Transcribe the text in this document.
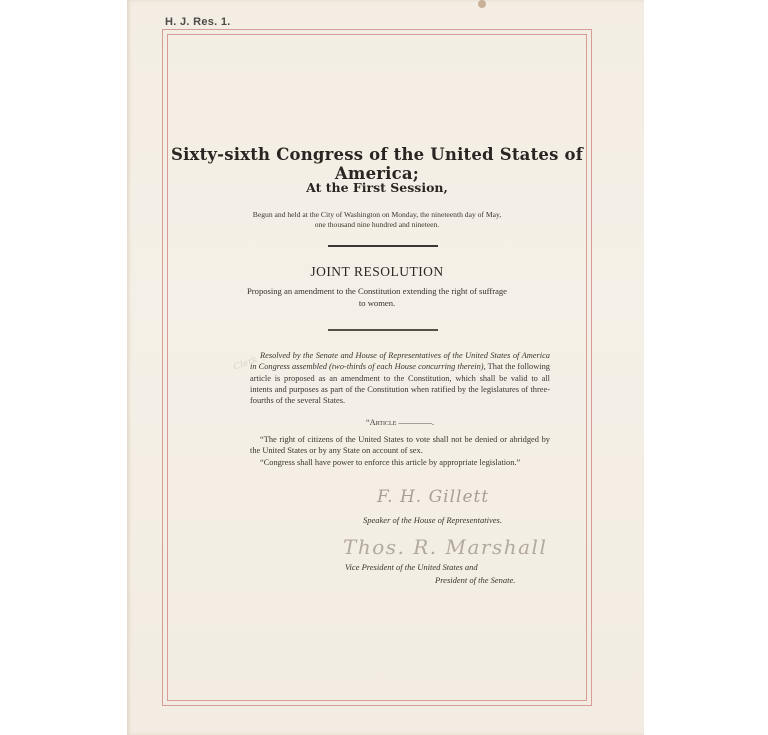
H. J. Res. 1.
Sixty-sixth Congress of the United States of America;
At the First Session,
Begun and held at the City of Washington on Monday, the nineteenth day of May,
one thousand nine hundred and nineteen.
JOINT RESOLUTION
Proposing an amendment to the Constitution extending the right of suffrage
to women.
Clerk Resolved by the Senate and House of Representatives of the United States of America in Congress assembled (two-thirds of each House concurring therein), That the following article is proposed as an amendment to the Constitution, which shall be valid to all intents and purposes as part of the Constitution when ratified by the legislatures of three-fourths of the several States.
“Article ————.
“The right of citizens of the United States to vote shall not be denied or abridged by the United States or by any State on account of sex.
“Congress shall have power to enforce this article by appropriate legislation.”
F. H. Gillett
Speaker of the House of Representatives.
Thos. R. Marshall
Vice President of the United States and
President of the Senate.
